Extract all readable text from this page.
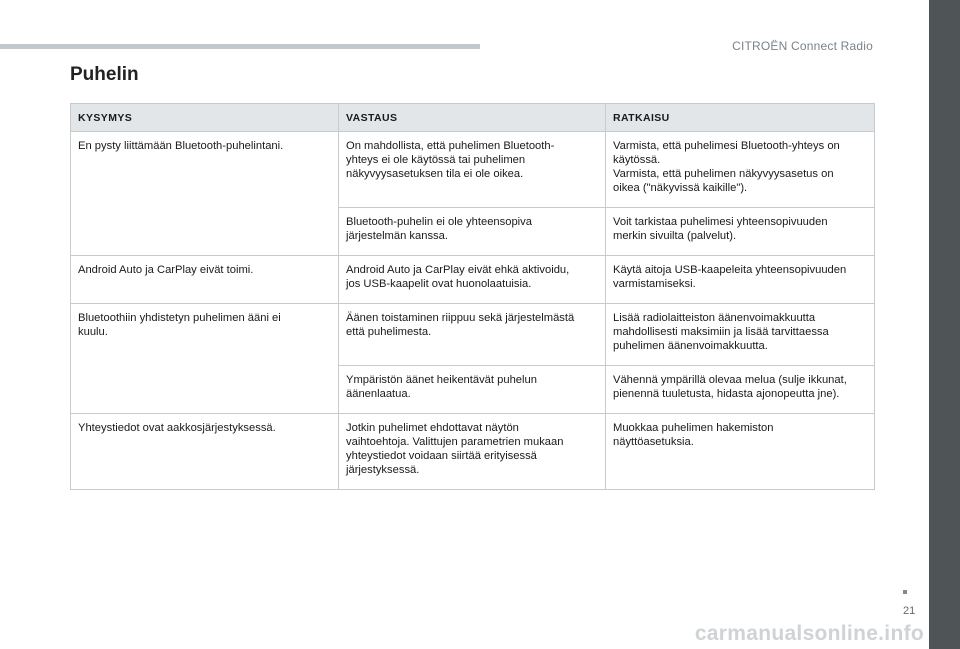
CITROËN Connect Radio
Puhelin
KYSYMYS	VASTAUS	RATKAISU
En pysty liittämään Bluetooth-puhelintani.	On mahdollista, että puhelimen Bluetooth-
yhteys ei ole käytössä tai puhelimen
näkyvyysasetuksen tila ei ole oikea.	Varmista, että puhelimesi Bluetooth-yhteys on
käytössä.
Varmista, että puhelimen näkyvyysasetus on
oikea ("näkyvissä kaikille").
	Bluetooth-puhelin ei ole yhteensopiva
järjestelmän kanssa.	Voit tarkistaa puhelimesi yhteensopivuuden
merkin sivuilta (palvelut).
Android Auto ja CarPlay eivät toimi.	Android Auto ja CarPlay eivät ehkä aktivoidu,
jos USB-kaapelit ovat huonolaatuisia.	Käytä aitoja USB-kaapeleita yhteensopivuuden
varmistamiseksi.
Bluetoothiin yhdistetyn puhelimen ääni ei
kuulu.	Äänen toistaminen riippuu sekä järjestelmästä
että puhelimesta.	Lisää radiolaitteiston äänenvoimakkuutta
mahdollisesti maksimiin ja lisää tarvittaessa
puhelimen äänenvoimakkuutta.
	Ympäristön äänet heikentävät puhelun
äänenlaatua.	Vähennä ympärillä olevaa melua (sulje ikkunat,
pienennä tuuletusta, hidasta ajonopeutta jne).
Yhteystiedot ovat aakkosjärjestyksessä.	Jotkin puhelimet ehdottavat näytön
vaihtoehtoja. Valittujen parametrien mukaan
yhteystiedot voidaan siirtää erityisessä
järjestyksessä.	Muokkaa puhelimen hakemiston
näyttöasetuksia.
21
carmanualsonline.info
